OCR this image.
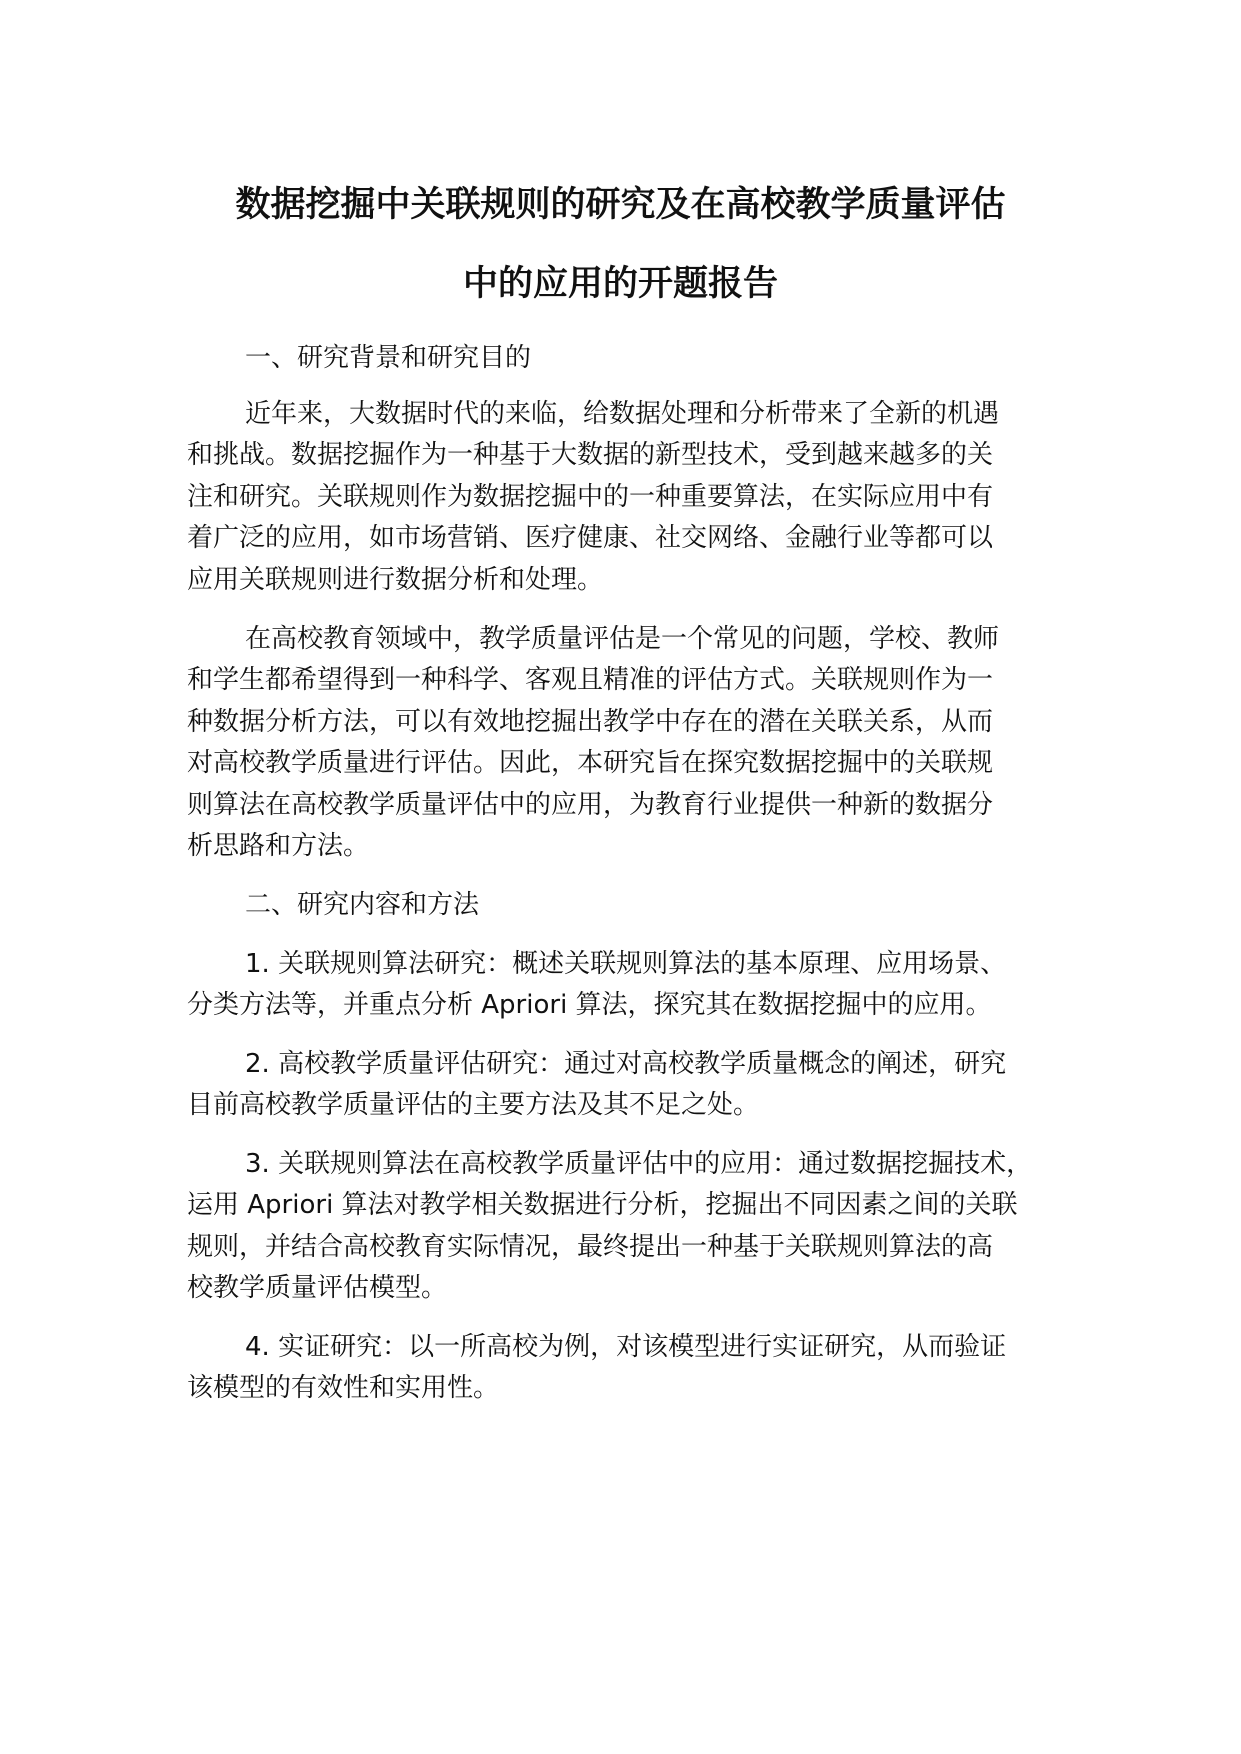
数据挖掘中关联规则的研究及在高校教学质量评估
中的应用的开题报告
一、研究背景和研究目的
近年来，大数据时代的来临，给数据处理和分析带来了全新的机遇
和挑战。数据挖掘作为一种基于大数据的新型技术，受到越来越多的关
注和研究。关联规则作为数据挖掘中的一种重要算法，在实际应用中有
着广泛的应用，如市场营销、医疗健康、社交网络、金融行业等都可以
应用关联规则进行数据分析和处理。
在高校教育领域中，教学质量评估是一个常见的问题，学校、教师
和学生都希望得到一种科学、客观且精准的评估方式。关联规则作为一
种数据分析方法，可以有效地挖掘出教学中存在的潜在关联关系，从而
对高校教学质量进行评估。因此，本研究旨在探究数据挖掘中的关联规
则算法在高校教学质量评估中的应用，为教育行业提供一种新的数据分
析思路和方法。
二、研究内容和方法
1. 关联规则算法研究：概述关联规则算法的基本原理、应用场景、
分类方法等，并重点分析 Apriori 算法，探究其在数据挖掘中的应用。
2. 高校教学质量评估研究：通过对高校教学质量概念的阐述，研究
目前高校教学质量评估的主要方法及其不足之处。
3. 关联规则算法在高校教学质量评估中的应用：通过数据挖掘技术，
运用 Apriori 算法对教学相关数据进行分析，挖掘出不同因素之间的关联
规则，并结合高校教育实际情况，最终提出一种基于关联规则算法的高
校教学质量评估模型。
4. 实证研究：以一所高校为例，对该模型进行实证研究，从而验证
该模型的有效性和实用性。
